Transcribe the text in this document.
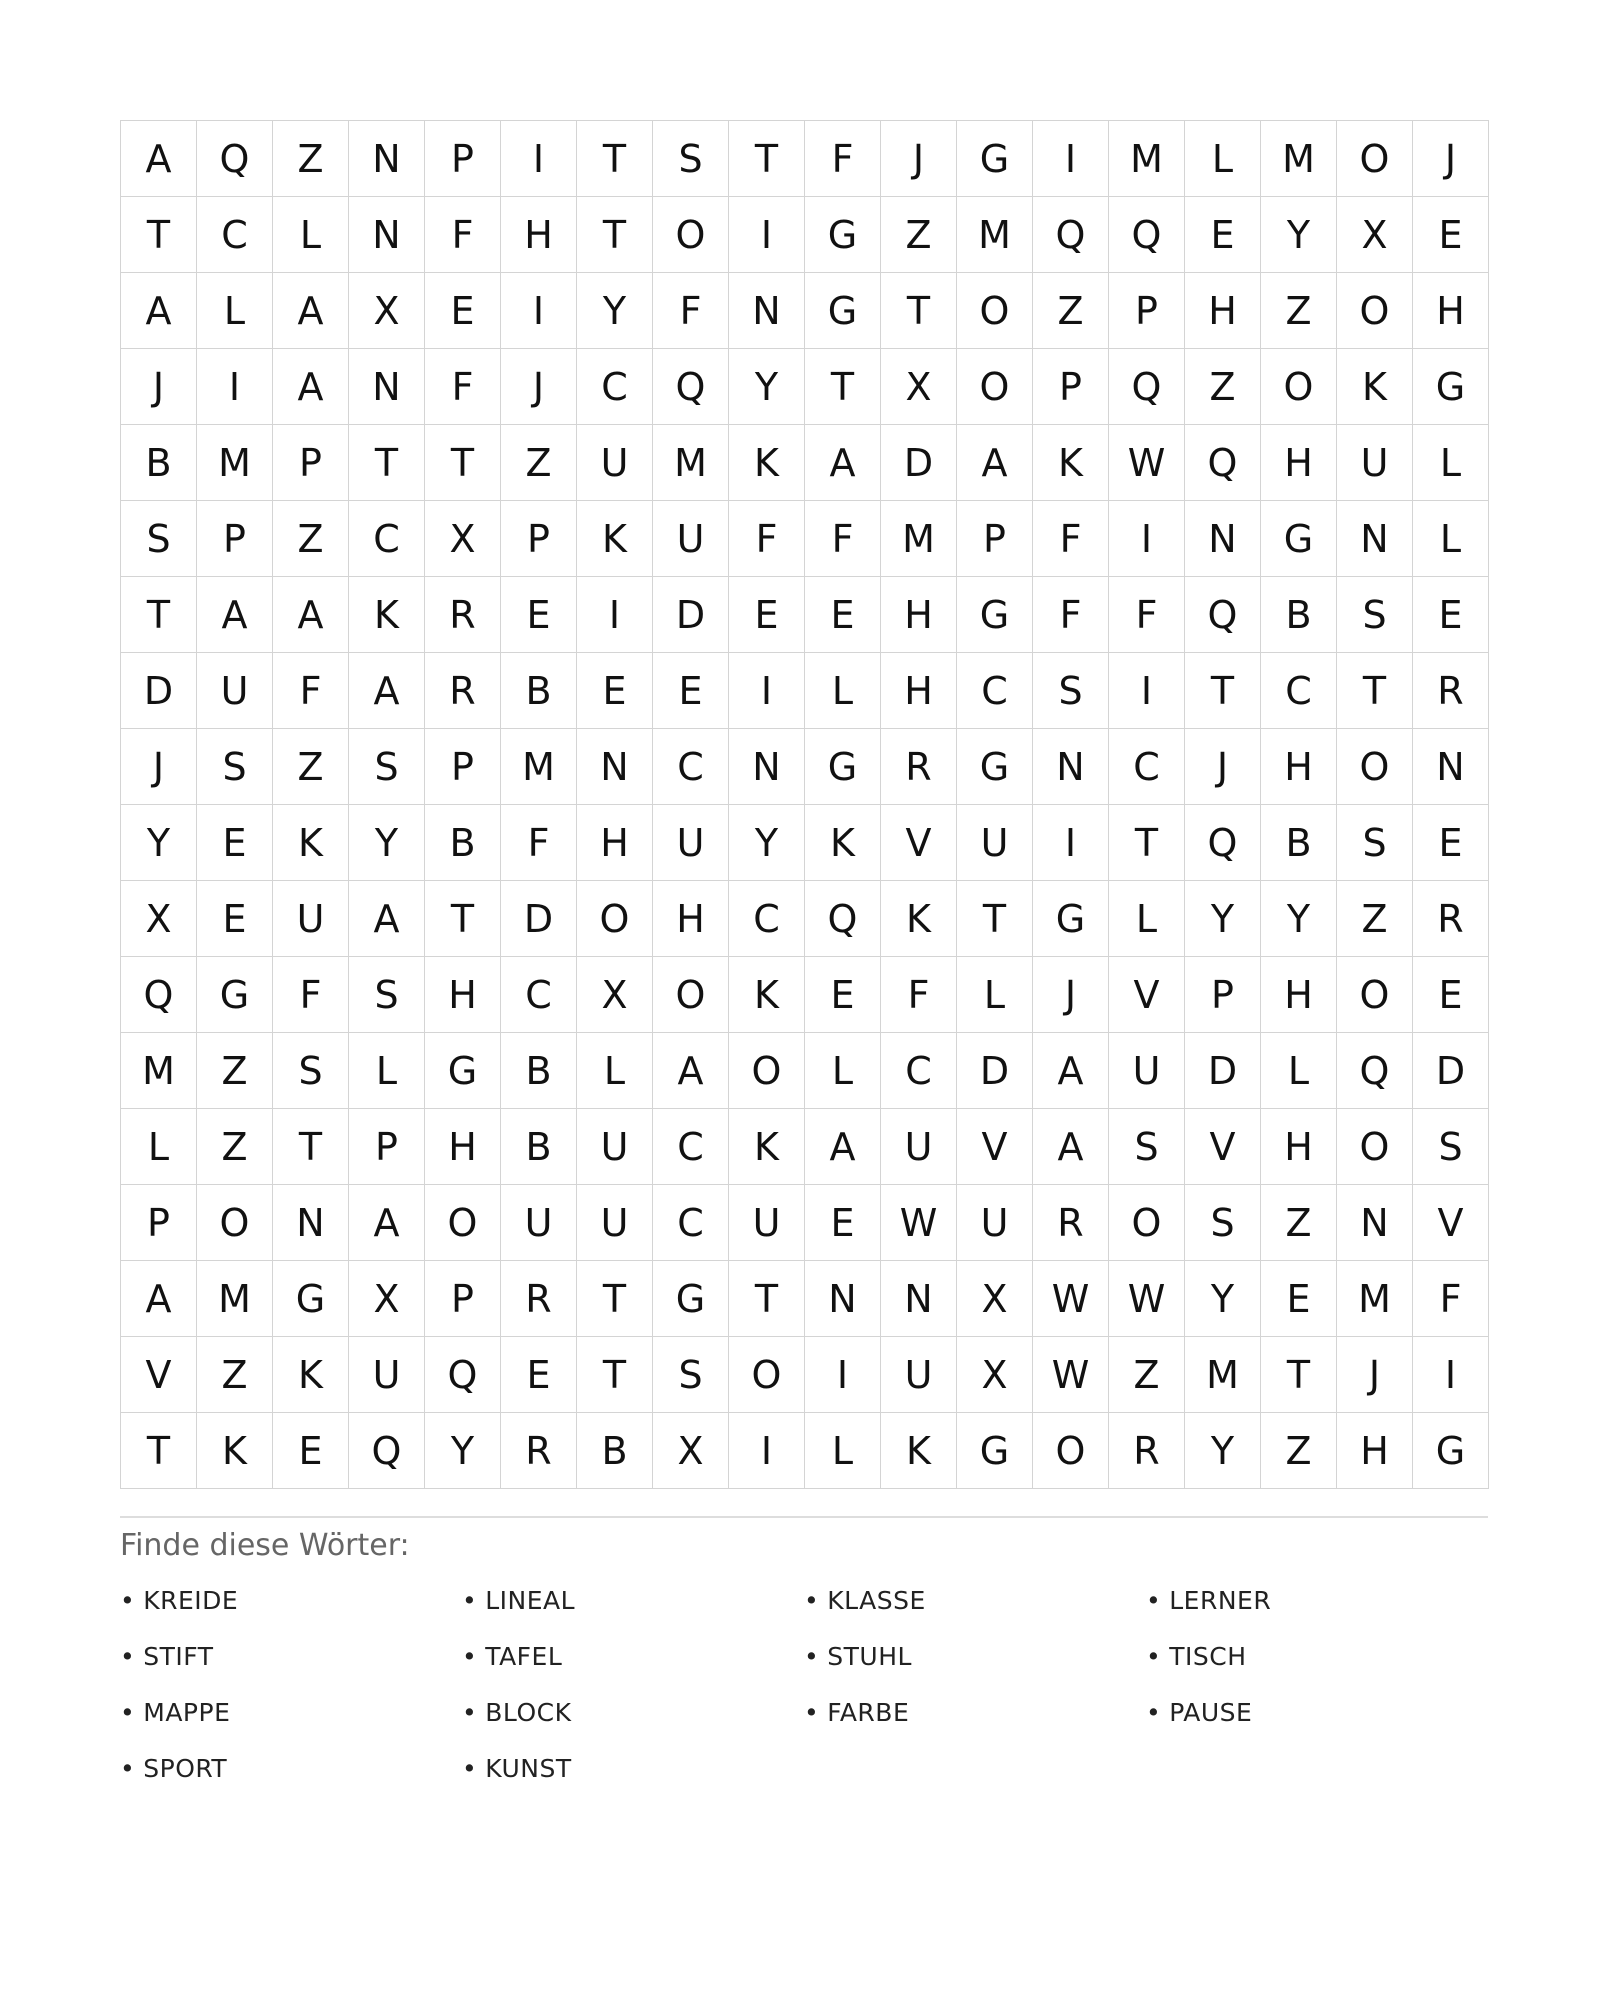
A	Q	Z	N	P	I	T	S	T	F	J	G	I	M	L	M	O	J
T	C	L	N	F	H	T	O	I	G	Z	M	Q	Q	E	Y	X	E
A	L	A	X	E	I	Y	F	N	G	T	O	Z	P	H	Z	O	H
J	I	A	N	F	J	C	Q	Y	T	X	O	P	Q	Z	O	K	G
B	M	P	T	T	Z	U	M	K	A	D	A	K	W	Q	H	U	L
S	P	Z	C	X	P	K	U	F	F	M	P	F	I	N	G	N	L
T	A	A	K	R	E	I	D	E	E	H	G	F	F	Q	B	S	E
D	U	F	A	R	B	E	E	I	L	H	C	S	I	T	C	T	R
J	S	Z	S	P	M	N	C	N	G	R	G	N	C	J	H	O	N
Y	E	K	Y	B	F	H	U	Y	K	V	U	I	T	Q	B	S	E
X	E	U	A	T	D	O	H	C	Q	K	T	G	L	Y	Y	Z	R
Q	G	F	S	H	C	X	O	K	E	F	L	J	V	P	H	O	E
M	Z	S	L	G	B	L	A	O	L	C	D	A	U	D	L	Q	D
L	Z	T	P	H	B	U	C	K	A	U	V	A	S	V	H	O	S
P	O	N	A	O	U	U	C	U	E	W	U	R	O	S	Z	N	V
A	M	G	X	P	R	T	G	T	N	N	X	W	W	Y	E	M	F
V	Z	K	U	Q	E	T	S	O	I	U	X	W	Z	M	T	J	I
T	K	E	Q	Y	R	B	X	I	L	K	G	O	R	Y	Z	H	G
Finde diese Wörter:
• KREIDE	• LINEAL	• KLASSE	• LERNER
• STIFT	• TAFEL	• STUHL	• TISCH
• MAPPE	• BLOCK	• FARBE	• PAUSE
• SPORT	• KUNST
